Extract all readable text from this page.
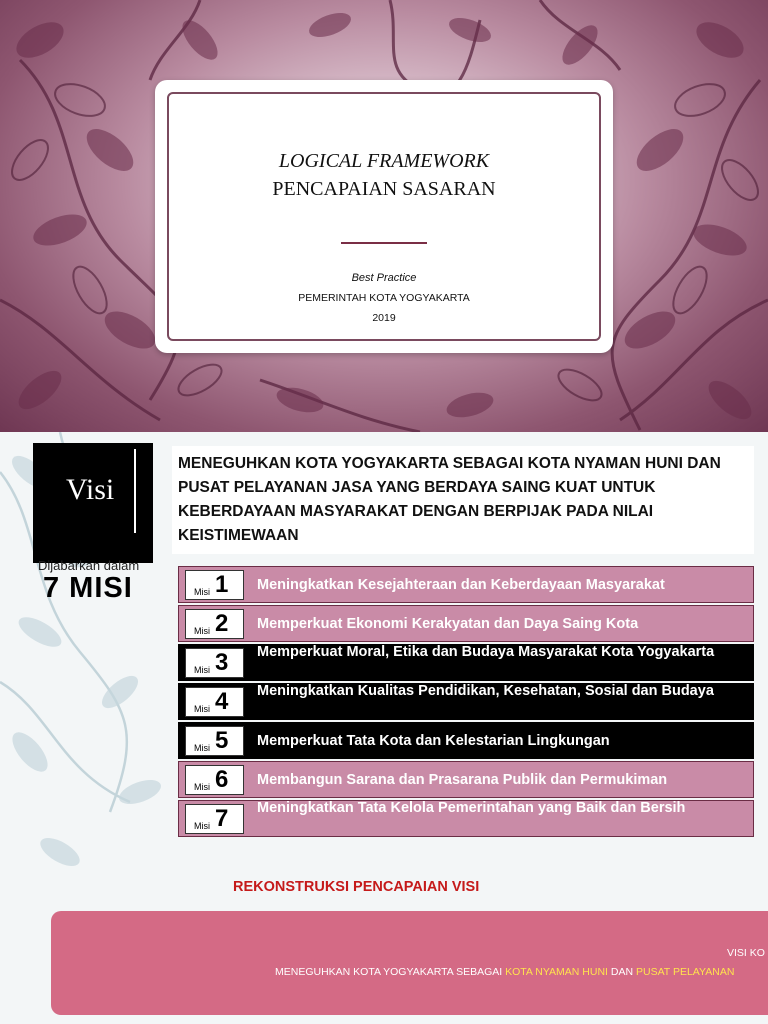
LOGICAL FRAMEWORK
PENCAPAIAN SASARAN
Best Practice
PEMERINTAH KOTA YOGYAKARTA
2019
Visi
MENEGUHKAN KOTA YOGYAKARTA SEBAGAI KOTA NYAMAN HUNI DAN PUSAT PELAYANAN JASA YANG BERDAYA SAING KUAT UNTUK KEBERDAYAAN MASYARAKAT DENGAN BERPIJAK PADA NILAI KEISTIMEWAAN
Dijabarkan dalam
7 MISI	Misi 1 Meningkatkan Kesejahteraan dan Keberdayaan Masyarakat
Misi 2 Memperkuat Ekonomi Kerakyatan dan Daya Saing Kota
Misi 3 Memperkuat Moral, Etika dan Budaya Masyarakat Kota Yogyakarta
Misi 4 Meningkatkan Kualitas Pendidikan, Kesehatan, Sosial dan Budaya
Misi 5 Memperkuat Tata Kota dan Kelestarian Lingkungan
Misi 6 Membangun Sarana dan Prasarana Publik dan Permukiman
Misi 7 Meningkatkan Tata Kelola Pemerintahan yang Baik dan Bersih
REKONSTRUKSI PENCAPAIAN VISI
VISI KO
MENEGUHKAN KOTA YOGYAKARTA SEBAGAI KOTA NYAMAN HUNI DAN PUSAT PELAYANAN
